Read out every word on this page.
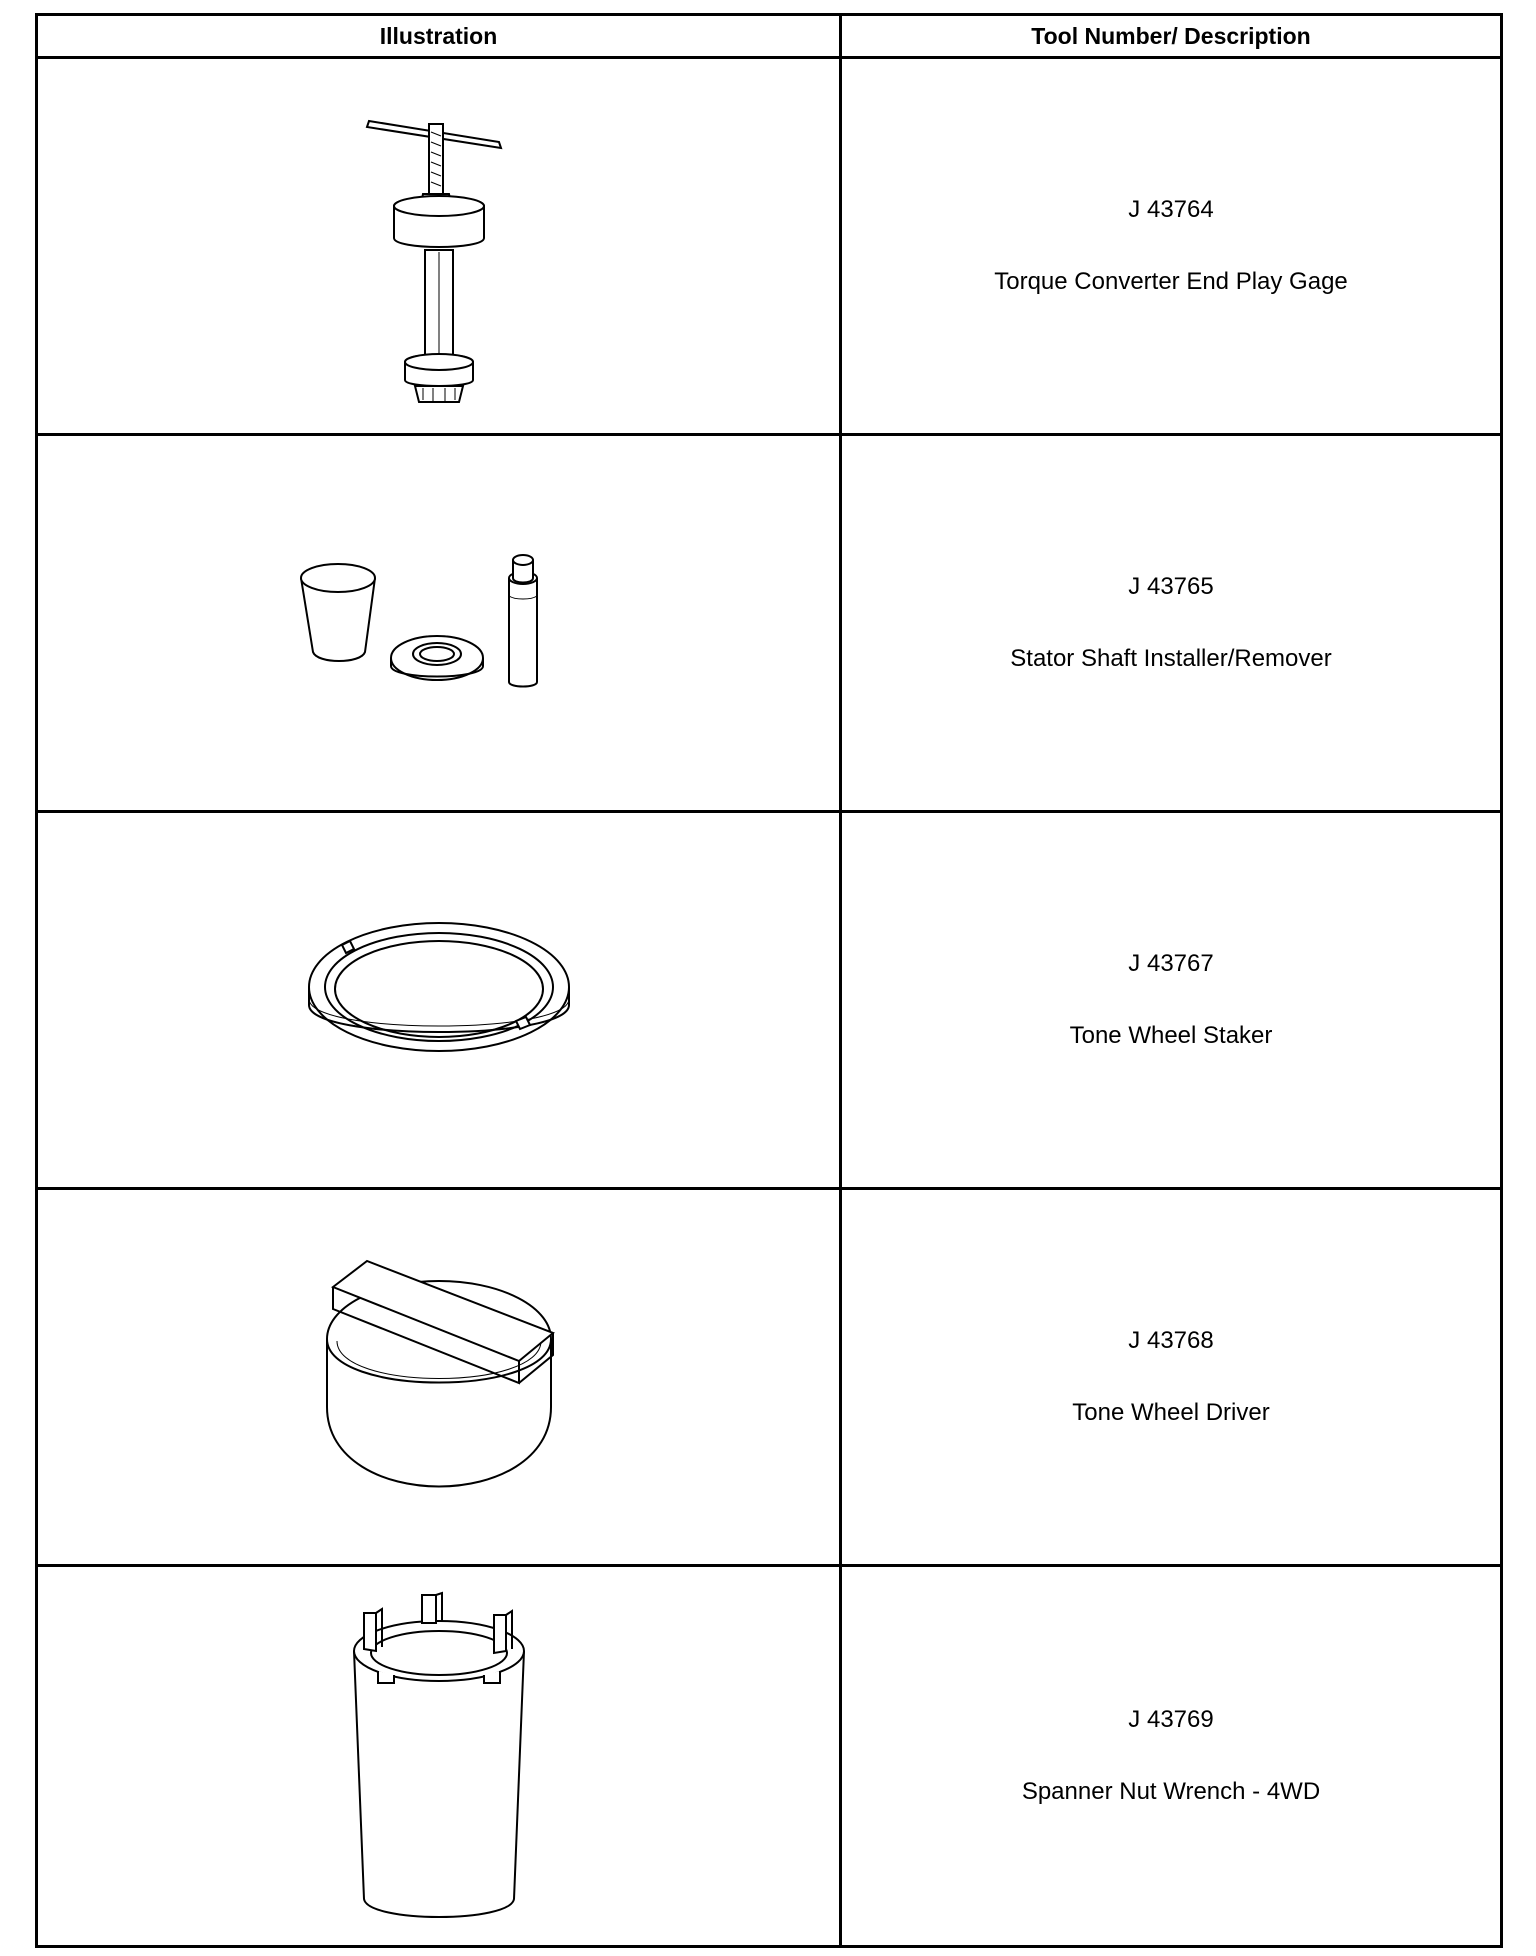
Illustration	Tool Number/ Description
J 43764
Torque Converter End Play Gage
J 43765
Stator Shaft Installer/Remover
J 43767
Tone Wheel Staker
J 43768
Tone Wheel Driver
J 43769
Spanner Nut Wrench - 4WD
